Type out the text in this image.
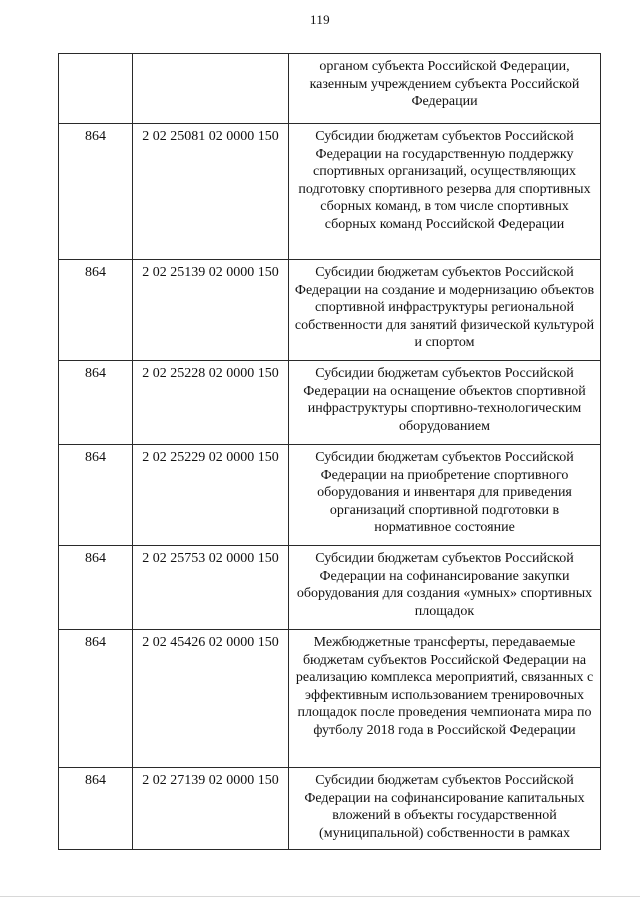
119
		органом субъекта Российской Федерации, казенным учреждением субъекта Российской Федерации
864	2 02 25081 02 0000 150	Субсидии бюджетам субъектов Российской Федерации на государственную поддержку спортивных организаций, осуществляющих подготовку спортивного резерва для спортивных сборных команд, в том числе спортивных сборных команд Российской Федерации
864	2 02 25139 02 0000 150	Субсидии бюджетам субъектов Российской Федерации на создание и модернизацию объектов спортивной инфраструктуры региональной собственности для занятий физической культурой и спортом
864	2 02 25228 02 0000 150	Субсидии бюджетам субъектов Российской Федерации на оснащение объектов спортивной инфраструктуры спортивно-технологическим оборудованием
864	2 02 25229 02 0000 150	Субсидии бюджетам субъектов Российской Федерации на приобретение спортивного оборудования и инвентаря для приведения организаций спортивной подготовки в нормативное состояние
864	2 02 25753 02 0000 150	Субсидии бюджетам субъектов Российской Федерации на софинансирование закупки оборудования для создания «умных» спортивных площадок
864	2 02 45426 02 0000 150	Межбюджетные трансферты, передаваемые бюджетам субъектов Российской Федерации на реализацию комплекса мероприятий, связанных с эффективным использованием тренировочных площадок после проведения чемпионата мира по футболу 2018 года в Российской Федерации
864	2 02 27139 02 0000 150	Субсидии бюджетам субъектов Российской Федерации на софинансирование капитальных вложений в объекты государственной (муниципальной) собственности в рамках
